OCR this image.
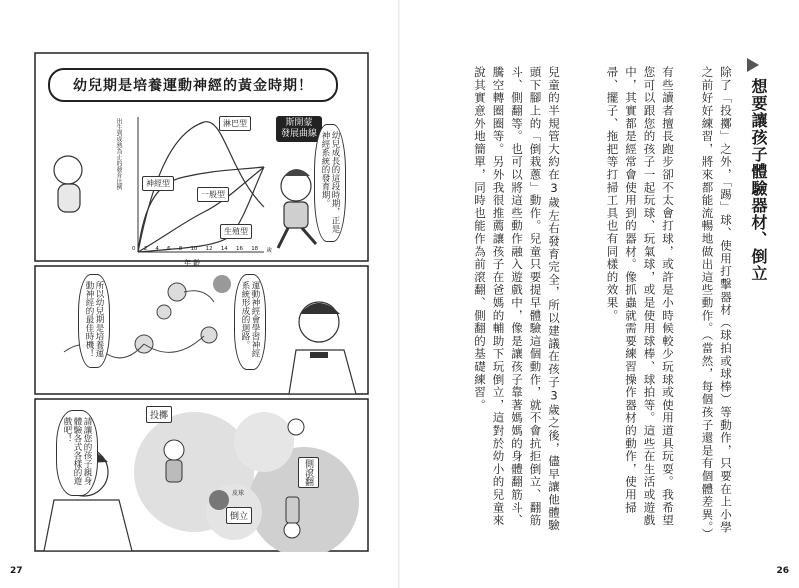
幼兒期是培養運動神經的黃金時期！
出生到成熟為止的發育比例
年 齡
0 2 4 6 8 10 12 14 16 18 歲
淋巴型
神經型
一般型
生殖型
斯開蒙
發展曲線	幼兒成長的這段時期，正是神經系統的發育期。
運動神經會學習神經系統形成的迴路。
所以幼兒期是培養運動神經的最佳時機！
請讓您的孩子親身體驗各式各樣的遊戲吧！
投擲
側滾翻
倒立
皮球
27
想要讓孩子體驗器材、倒立
除了「投擲」之外，「踢」球、使用打擊器材（球拍或球棒）等動作，只要在上小學之前好好練習，將來都能流暢地做出這些動作。（當然，每個孩子還是有個體差異。）
有些讀者擅長跑步卻不太會打球，或許是小時候較少玩球或使用道具玩耍。我希望您可以跟您的孩子一起玩球、玩氣球，或是使用球棒、球拍等。這些在生活或遊戲中，其實都是經常會使用到的器材。像抓蟲就需要練習操作器材的動作，使用掃帚、擺子、拖把等打掃工具也有同樣的效果。
兒童的半規管大約在3歲左右發育完全，所以建議在孩子3歲之後，儘早讓他體驗頭下腳上的「倒栽蔥」動作。兒童只要提早體驗這個動作，就不會抗拒倒立、翻筋斗、側翻等。也可以將這些動作融入遊戲中，像是讓孩子靠著媽媽的身體翻筋斗、騰空轉圈圈等。另外我很推薦讓孩子在爸媽的輔助下玩倒立，這對於幼小的兒童來說其實意外地簡單，同時也能作為前滾翻、側翻的基礎練習。
26
